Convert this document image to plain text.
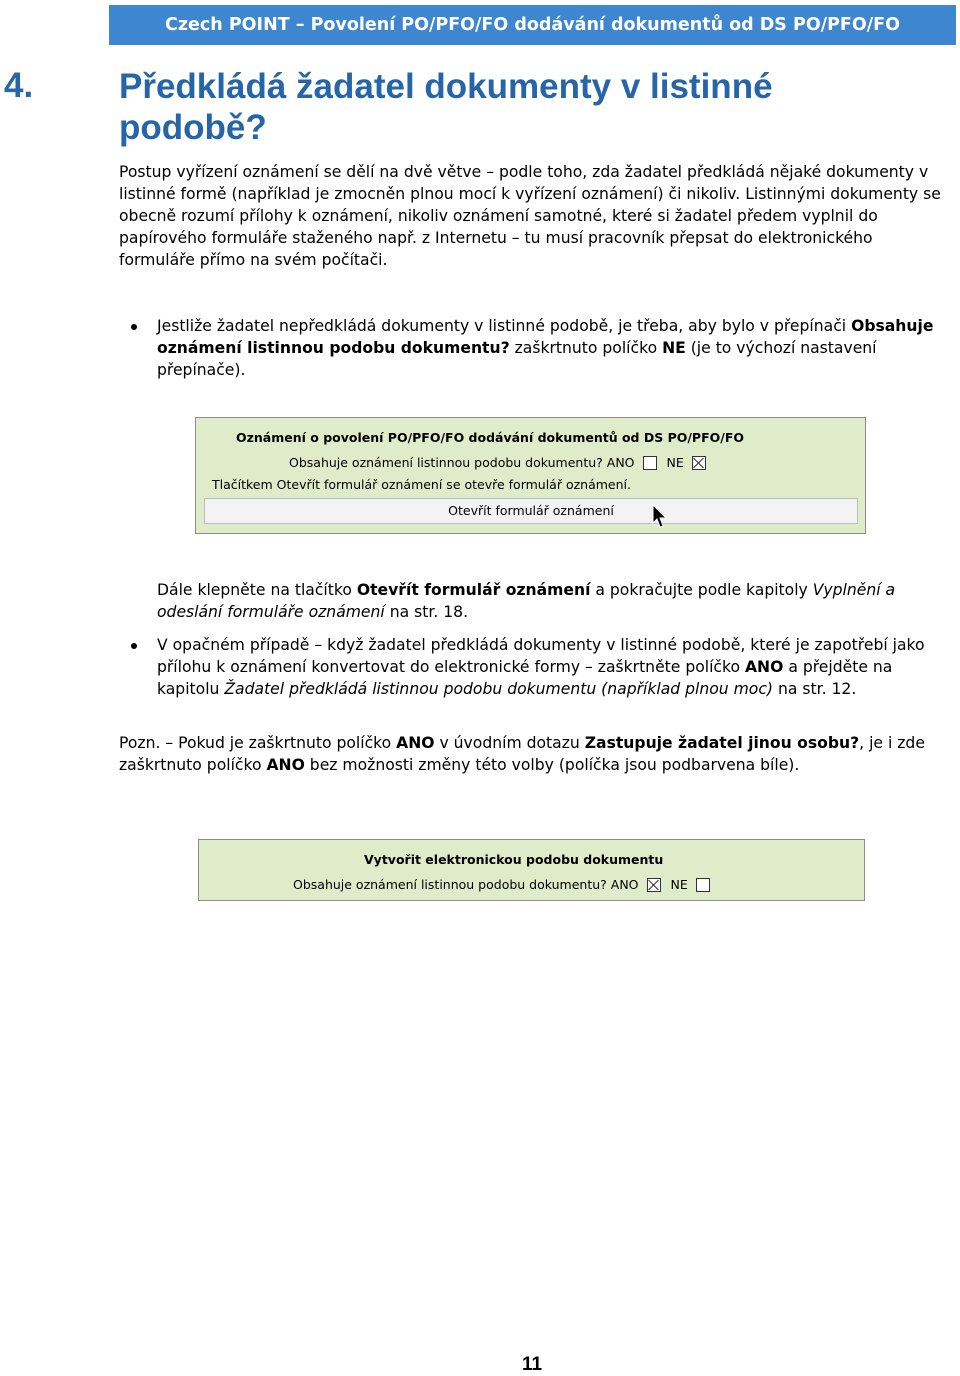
Czech POINT – Povolení PO/PFO/FO dodávání dokumentů od DS PO/PFO/FO
4. Předkládá žadatel dokumenty v listinné podobě?
Postup vyřízení oznámení se dělí na dvě větve – podle toho, zda žadatel předkládá nějaké dokumenty v listinné formě (například je zmocněn plnou mocí k vyřízení oznámení) či nikoliv. Listinnými dokumenty se obecně rozumí přílohy k oznámení, nikoliv oznámení samotné, které si žadatel předem vyplnil do papírového formuláře staženého např. z Internetu – tu musí pracovník přepsat do elektronického formuláře přímo na svém počítači.
Jestliže žadatel nepředkládá dokumenty v listinné podobě, je třeba, aby bylo v přepínači Obsahuje oznámení listinnou podobu dokumentu? zaškrtnuto políčko NE (je to výchozí nastavení přepínače).
Oznámení o povolení PO/PFO/FO dodávání dokumentů od DS PO/PFO/FO
Obsahuje oznámení listinnou podobu dokumentu? ANO	NE
Tlačítkem Otevřít formulář oznámení se otevře formulář oznámení.
Otevřít formulář oznámení
Dále klepněte na tlačítko Otevřít formulář oznámení a pokračujte podle kapitoly Vyplnění a odeslání formuláře oznámení na str. 18.
V opačném případě – když žadatel předkládá dokumenty v listinné podobě, které je zapotřebí jako přílohu k oznámení konvertovat do elektronické formy – zaškrtněte políčko ANO a přejděte na kapitolu Žadatel předkládá listinnou podobu dokumentu (například plnou moc) na str. 12.
Pozn. – Pokud je zaškrtnuto políčko ANO v úvodním dotazu Zastupuje žadatel jinou osobu?, je i zde zaškrtnuto políčko ANO bez možnosti změny této volby (políčka jsou podbarvena bíle).
Vytvořit elektronickou podobu dokumentu
Obsahuje oznámení listinnou podobu dokumentu? ANO	NE
11
